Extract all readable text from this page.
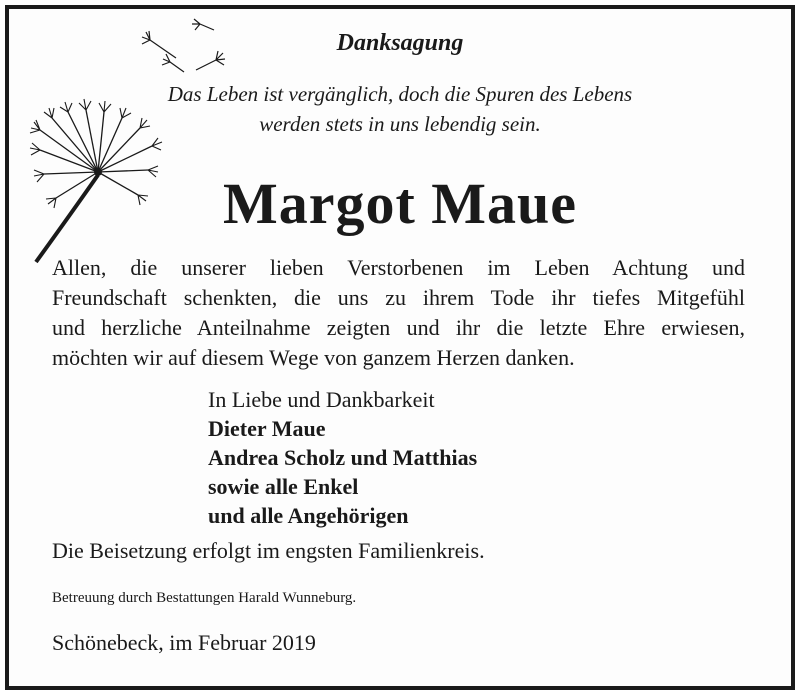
Danksagung
Das Leben ist vergänglich, doch die Spuren des Lebens
werden stets in uns lebendig sein.
Margot Maue
Allen, die unserer lieben Verstorbenen im Leben Achtung und
Freundschaft schenkten, die uns zu ihrem Tode ihr tiefes Mitgefühl
und herzliche Anteilnahme zeigten und ihr die letzte Ehre erwiesen,
möchten wir auf diesem Wege von ganzem Herzen danken.
In Liebe und Dankbarkeit
Dieter Maue
Andrea Scholz und Matthias
sowie alle Enkel
und alle Angehörigen
Die Beisetzung erfolgt im engsten Familienkreis.
Betreuung durch Bestattungen Harald Wunneburg.
Schönebeck, im Februar 2019
